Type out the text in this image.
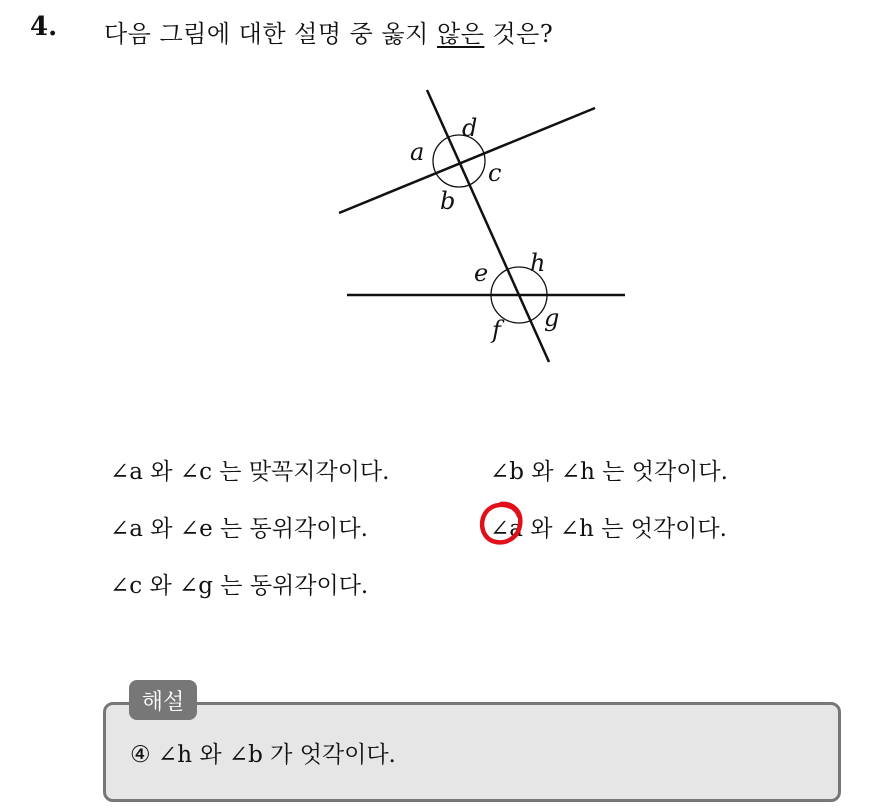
4. 다음 그림에 대한 설명 중 옳지 않은 것은?
a
d
c
b
e h
g
f
∠a 와 ∠c 는 맞꼭지각이다.	∠b 와 ∠h 는 엇각이다.
∠a 와 ∠e 는 동위각이다.	∠a 와 ∠h 는 엇각이다.
∠c 와 ∠g 는 동위각이다.
해설
④ ∠h 와 ∠b 가 엇각이다.
